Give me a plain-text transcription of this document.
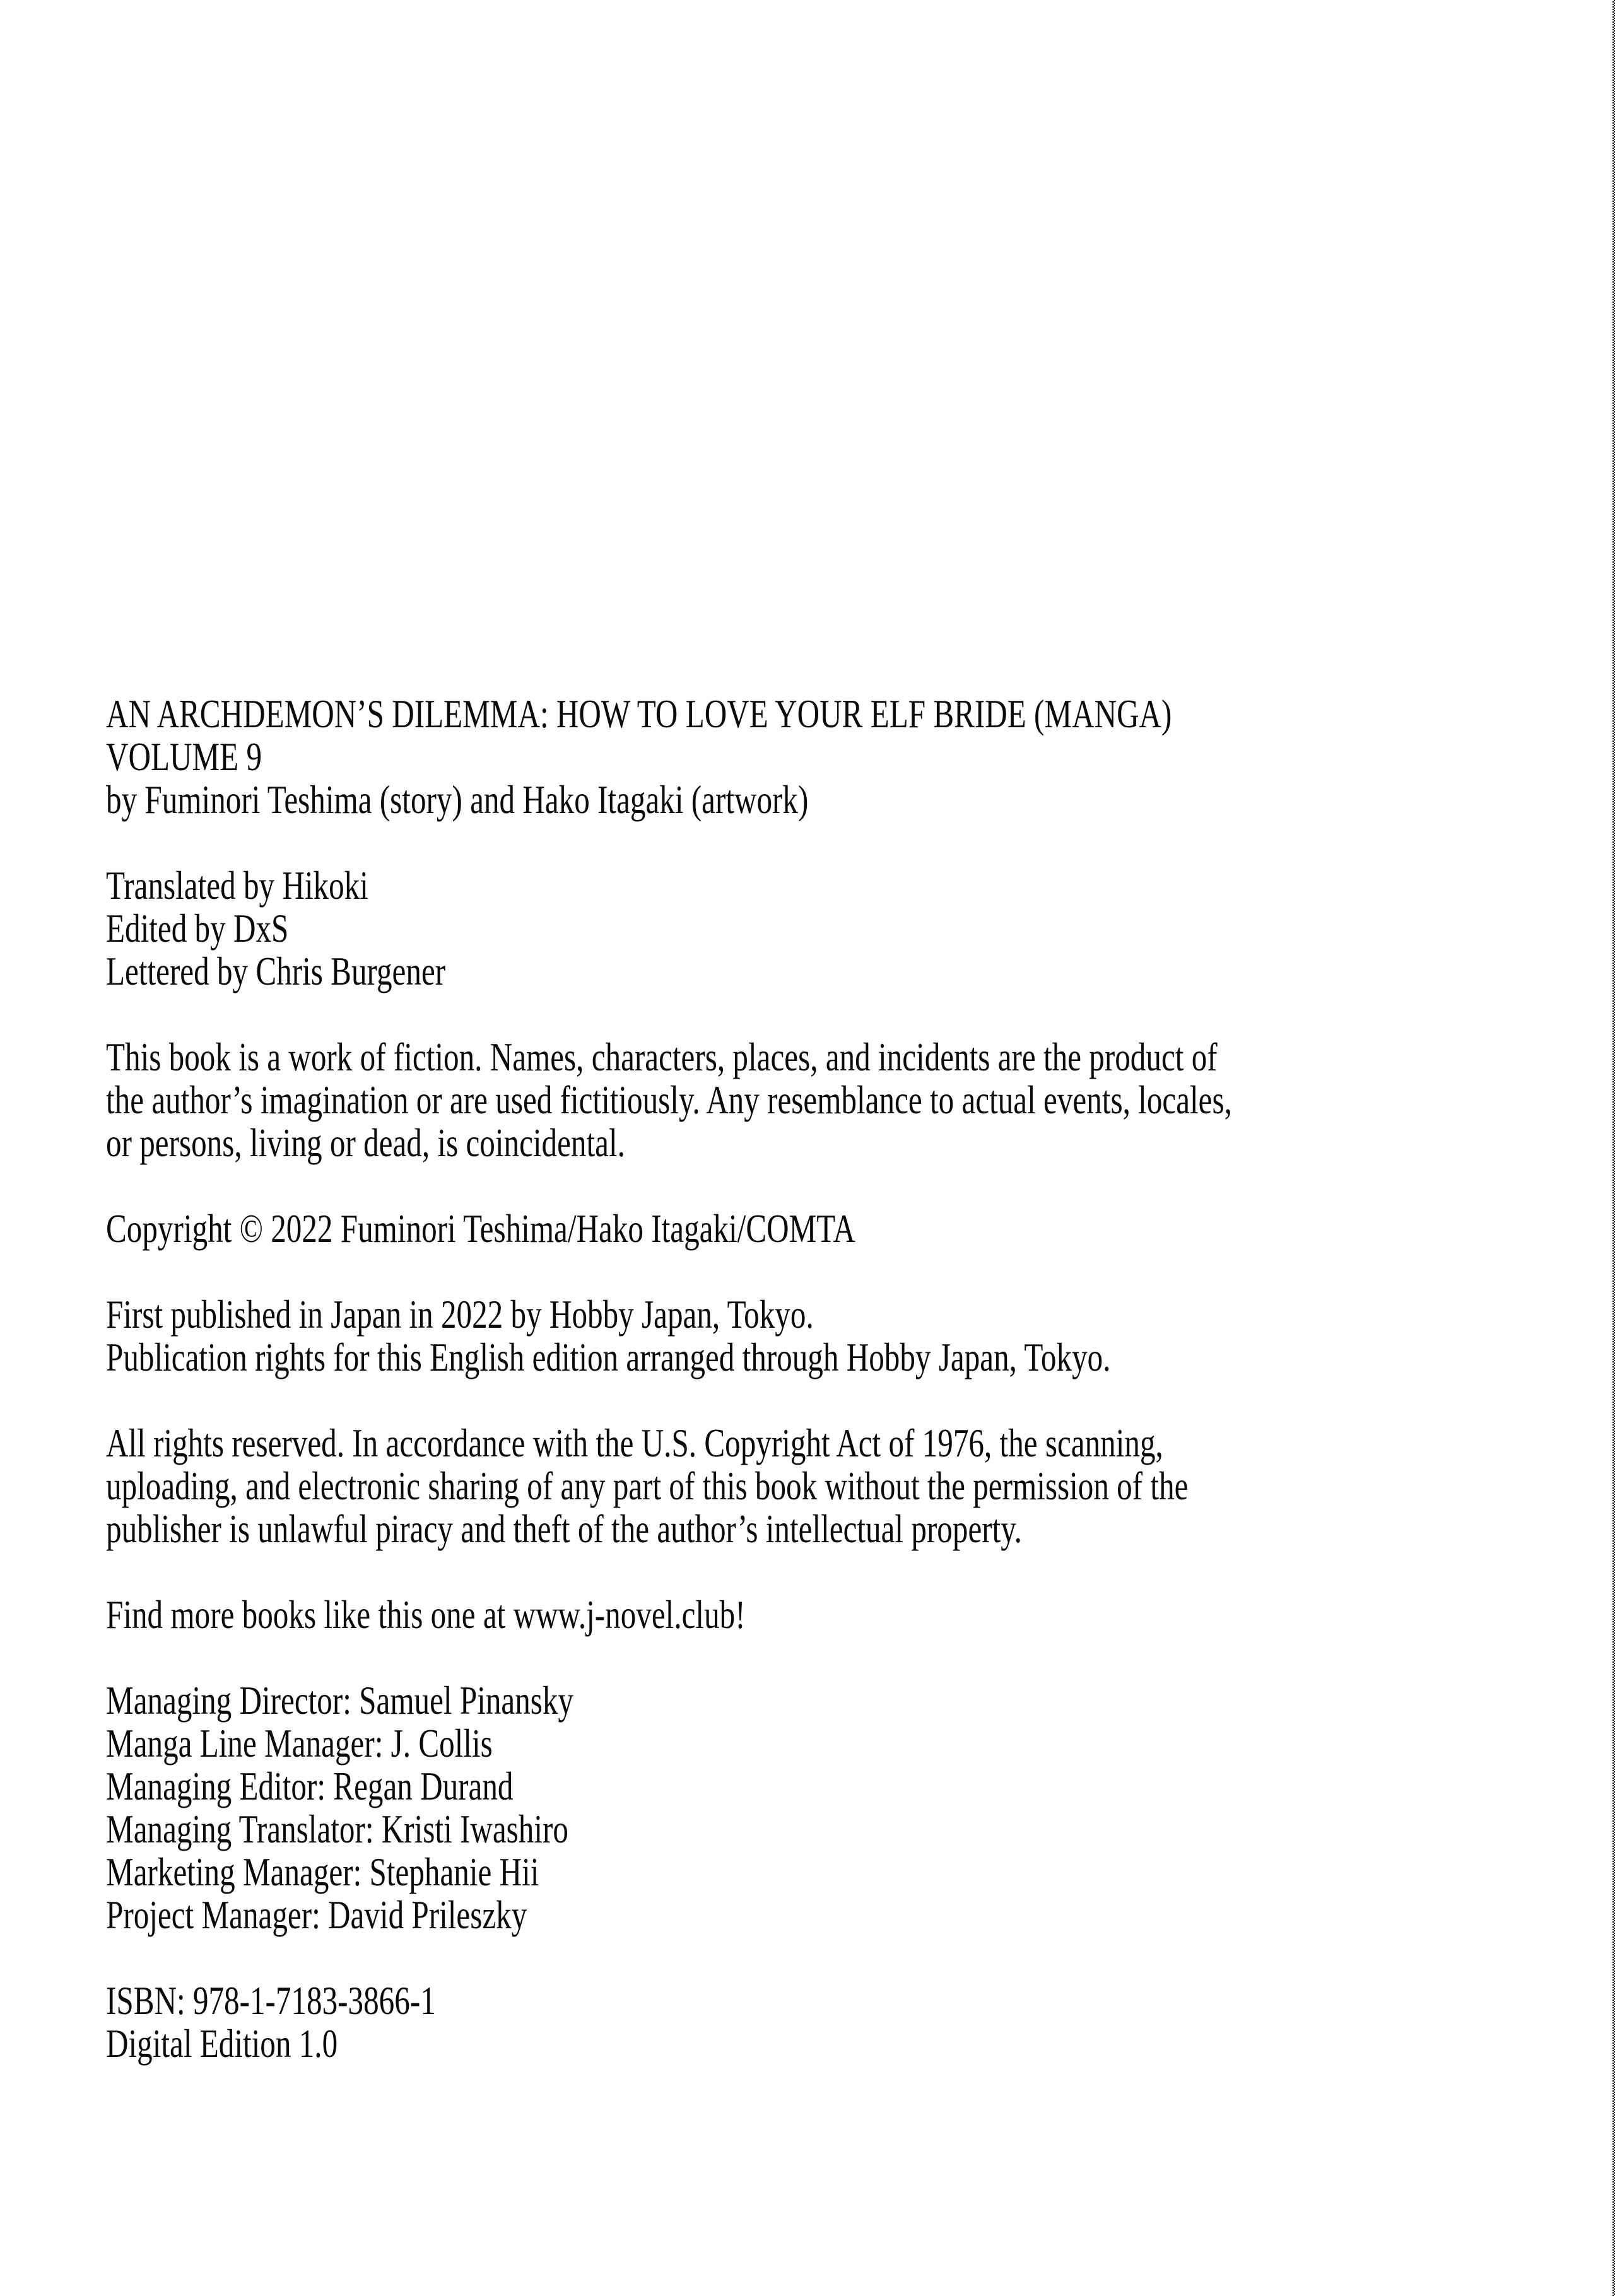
AN ARCHDEMON’S DILEMMA: HOW TO LOVE YOUR ELF BRIDE (MANGA)
VOLUME 9
by Fuminori Teshima (story) and Hako Itagaki (artwork)
Translated by Hikoki
Edited by DxS
Lettered by Chris Burgener
This book is a work of fiction. Names, characters, places, and incidents are the product of
the author’s imagination or are used fictitiously. Any resemblance to actual events, locales,
or persons, living or dead, is coincidental.
Copyright © 2022 Fuminori Teshima/Hako Itagaki/COMTA
First published in Japan in 2022 by Hobby Japan, Tokyo.
Publication rights for this English edition arranged through Hobby Japan, Tokyo.
All rights reserved. In accordance with the U.S. Copyright Act of 1976, the scanning,
uploading, and electronic sharing of any part of this book without the permission of the
publisher is unlawful piracy and theft of the author’s intellectual property.
Find more books like this one at www.j-novel.club!
Managing Director: Samuel Pinansky
Manga Line Manager: J. Collis
Managing Editor: Regan Durand
Managing Translator: Kristi Iwashiro
Marketing Manager: Stephanie Hii
Project Manager: David Prileszky
ISBN: 978-1-7183-3866-1
Digital Edition 1.0
